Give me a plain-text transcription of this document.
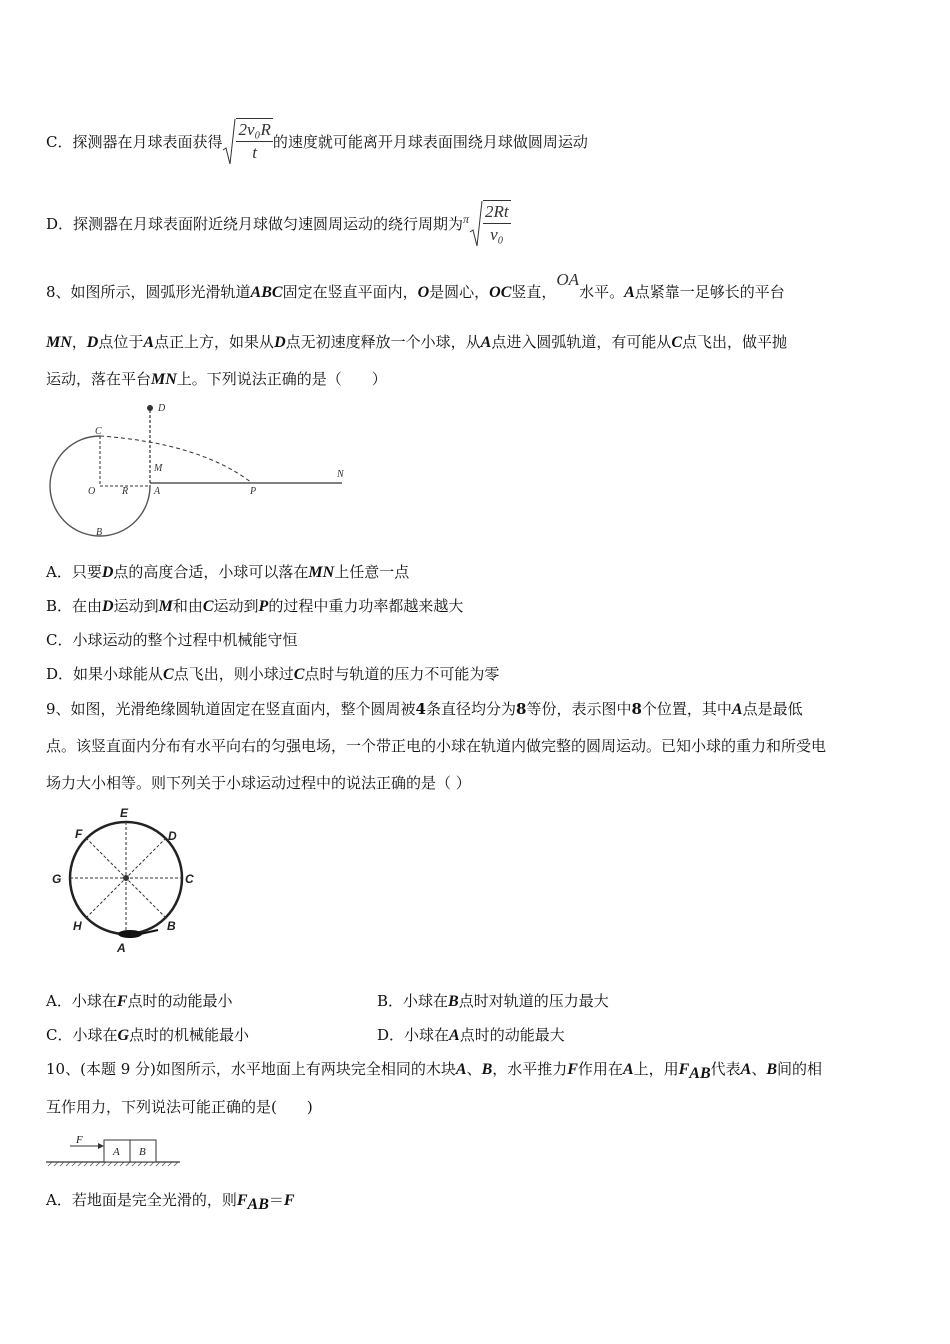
C．探测器在月球表面获得 $\frac{\text{2v₀R}}{t}$ 的速度就可能离开月球表面围绕月球做圆周运动
D．探测器在月球表面附近绕月球做匀速圆周运动的绕行周期为$^\pi \frac{2Rt}{\text{v₀}}$
8、如图所示，圆弧形光滑轨道ABC固定在竖直平面内，O是圆心，OC竖直，OA水平。A点紧靠一足够长的平台
MN，D点位于A点正上方，如果从D点无初速度释放一个小球，从A点进入圆弧轨道，有可能从C点飞出，做平抛
运动，落在平台MN上。下列说法正确的是（　　）
D
C
M
O	R	A	P
N
B
A．只要D点的高度合适，小球可以落在MN上任意一点
B．在由D运动到M和由C运动到P的过程中重力功率都越来越大
C．小球运动的整个过程中机械能守恒
D．如果小球能从C点飞出，则小球过C点时与轨道的压力不可能为零
9、如图，光滑绝缘圆轨道固定在竖直面内，整个圆周被4条直径均分为8等份，表示图中8个位置，其中A点是最低
点。该竖直面内分布有水平向右的匀强电场，一个带正电的小球在轨道内做完整的圆周运动。已知小球的重力和所受电
场力大小相等。则下列关于小球运动过程中的说法正确的是（ ）
E
F	D
G	C
H	B
A
A．小球在F点时的动能最小	B．小球在B点时对轨道的压力最大
C．小球在G点时的机械能最小	D．小球在A点时的动能最大
10、(本题 9 分)如图所示，水平地面上有两块完全相同的木块A、B，水平推力F作用在A上，用$F_{AB}$代表A、B间的相
互作用力，下列说法可能正确的是(　　)
F
A B
A．若地面是完全光滑的，则$F_{AB}=F$
